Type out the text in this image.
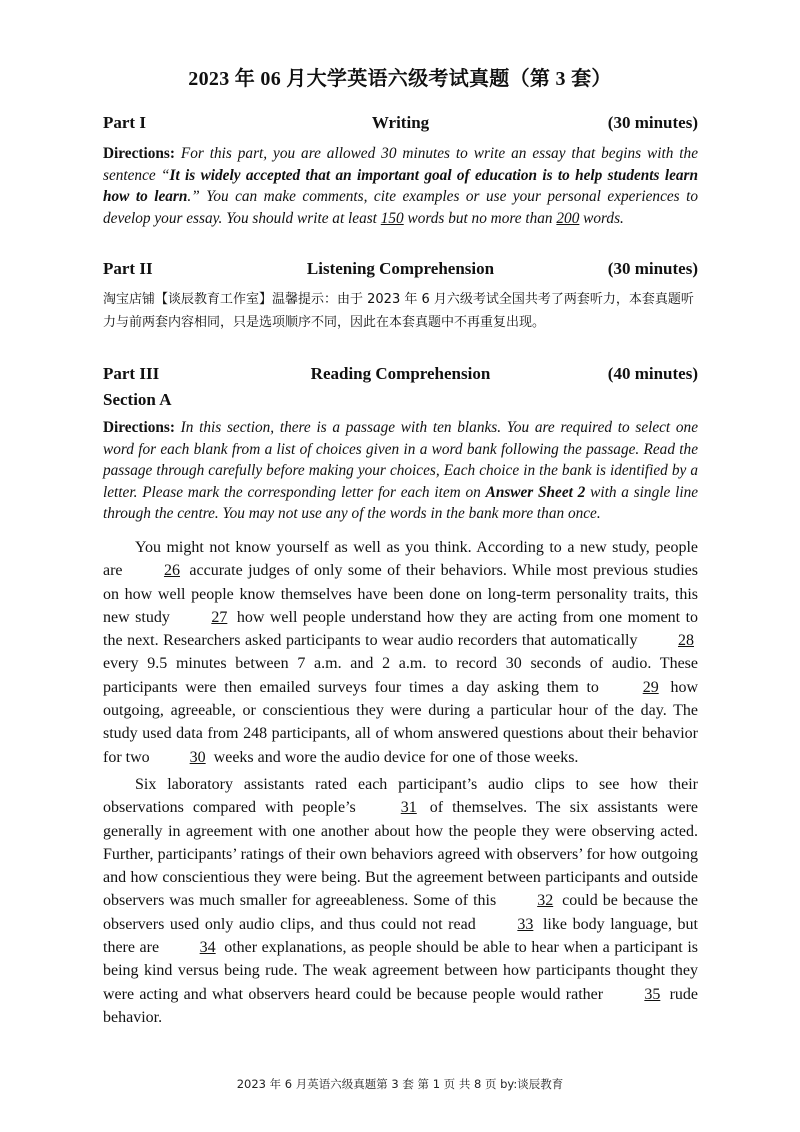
2023 年 06 月大学英语六级考试真题（第 3 套）
Part I	Writing	(30 minutes)
Directions: For this part, you are allowed 30 minutes to write an essay that begins with the sentence “It is widely accepted that an important goal of education is to help students learn how to learn.” You can make comments, cite examples or use your personal experiences to develop your essay. You should write at least 150 words but no more than 200 words.
Part II	Listening Comprehension	(30 minutes)
淘宝店铺【谈辰教育工作室】温馨提示：由于 2023 年 6 月六级考试全国共考了两套听力，本套真题听力与前两套内容相同，只是选项顺序不同，因此在本套真题中不再重复出现。
Part III	Reading Comprehension	(40 minutes)
Section A
Directions: In this section, there is a passage with ten blanks. You are required to select one word for each blank from a list of choices given in a word bank following the passage. Read the passage through carefully before making your choices, Each choice in the bank is identified by a letter. Please mark the corresponding letter for each item on Answer Sheet 2 with a single line through the centre. You may not use any of the words in the bank more than once.

You might not know yourself as well as you think. According to a new study, people are 26 accurate judges of only some of their behaviors. While most previous studies on how well people know themselves have been done on long-term personality traits, this new study 27 how well people understand how they are acting from one moment to the next. Researchers asked participants to wear audio recorders that automatically 28 every 9.5 minutes between 7 a.m. and 2 a.m. to record 30 seconds of audio. These participants were then emailed surveys four times a day asking them to 29 how outgoing, agreeable, or conscientious they were during a particular hour of the day. The study used data from 248 participants, all of whom answered questions about their behavior for two 30 weeks and wore the audio device for one of those weeks.

Six laboratory assistants rated each participant’s audio clips to see how their observations compared with people’s 31 of themselves. The six assistants were generally in agreement with one another about how the people they were observing acted. Further, participants’ ratings of their own behaviors agreed with observers’ for how outgoing and how conscientious they were being. But the agreement between participants and outside observers was much smaller for agreeableness. Some of this 32 could be because the observers used only audio clips, and thus could not read 33 like body language, but there are 34 other explanations, as people should be able to hear when a participant is being kind versus being rude. The weak agreement between how participants thought they were acting and what observers heard could be because people would rather 35 rude behavior.

2023 年 6 月英语六级真题第 3 套 第 1 页 共 8 页 by:谈辰教育
